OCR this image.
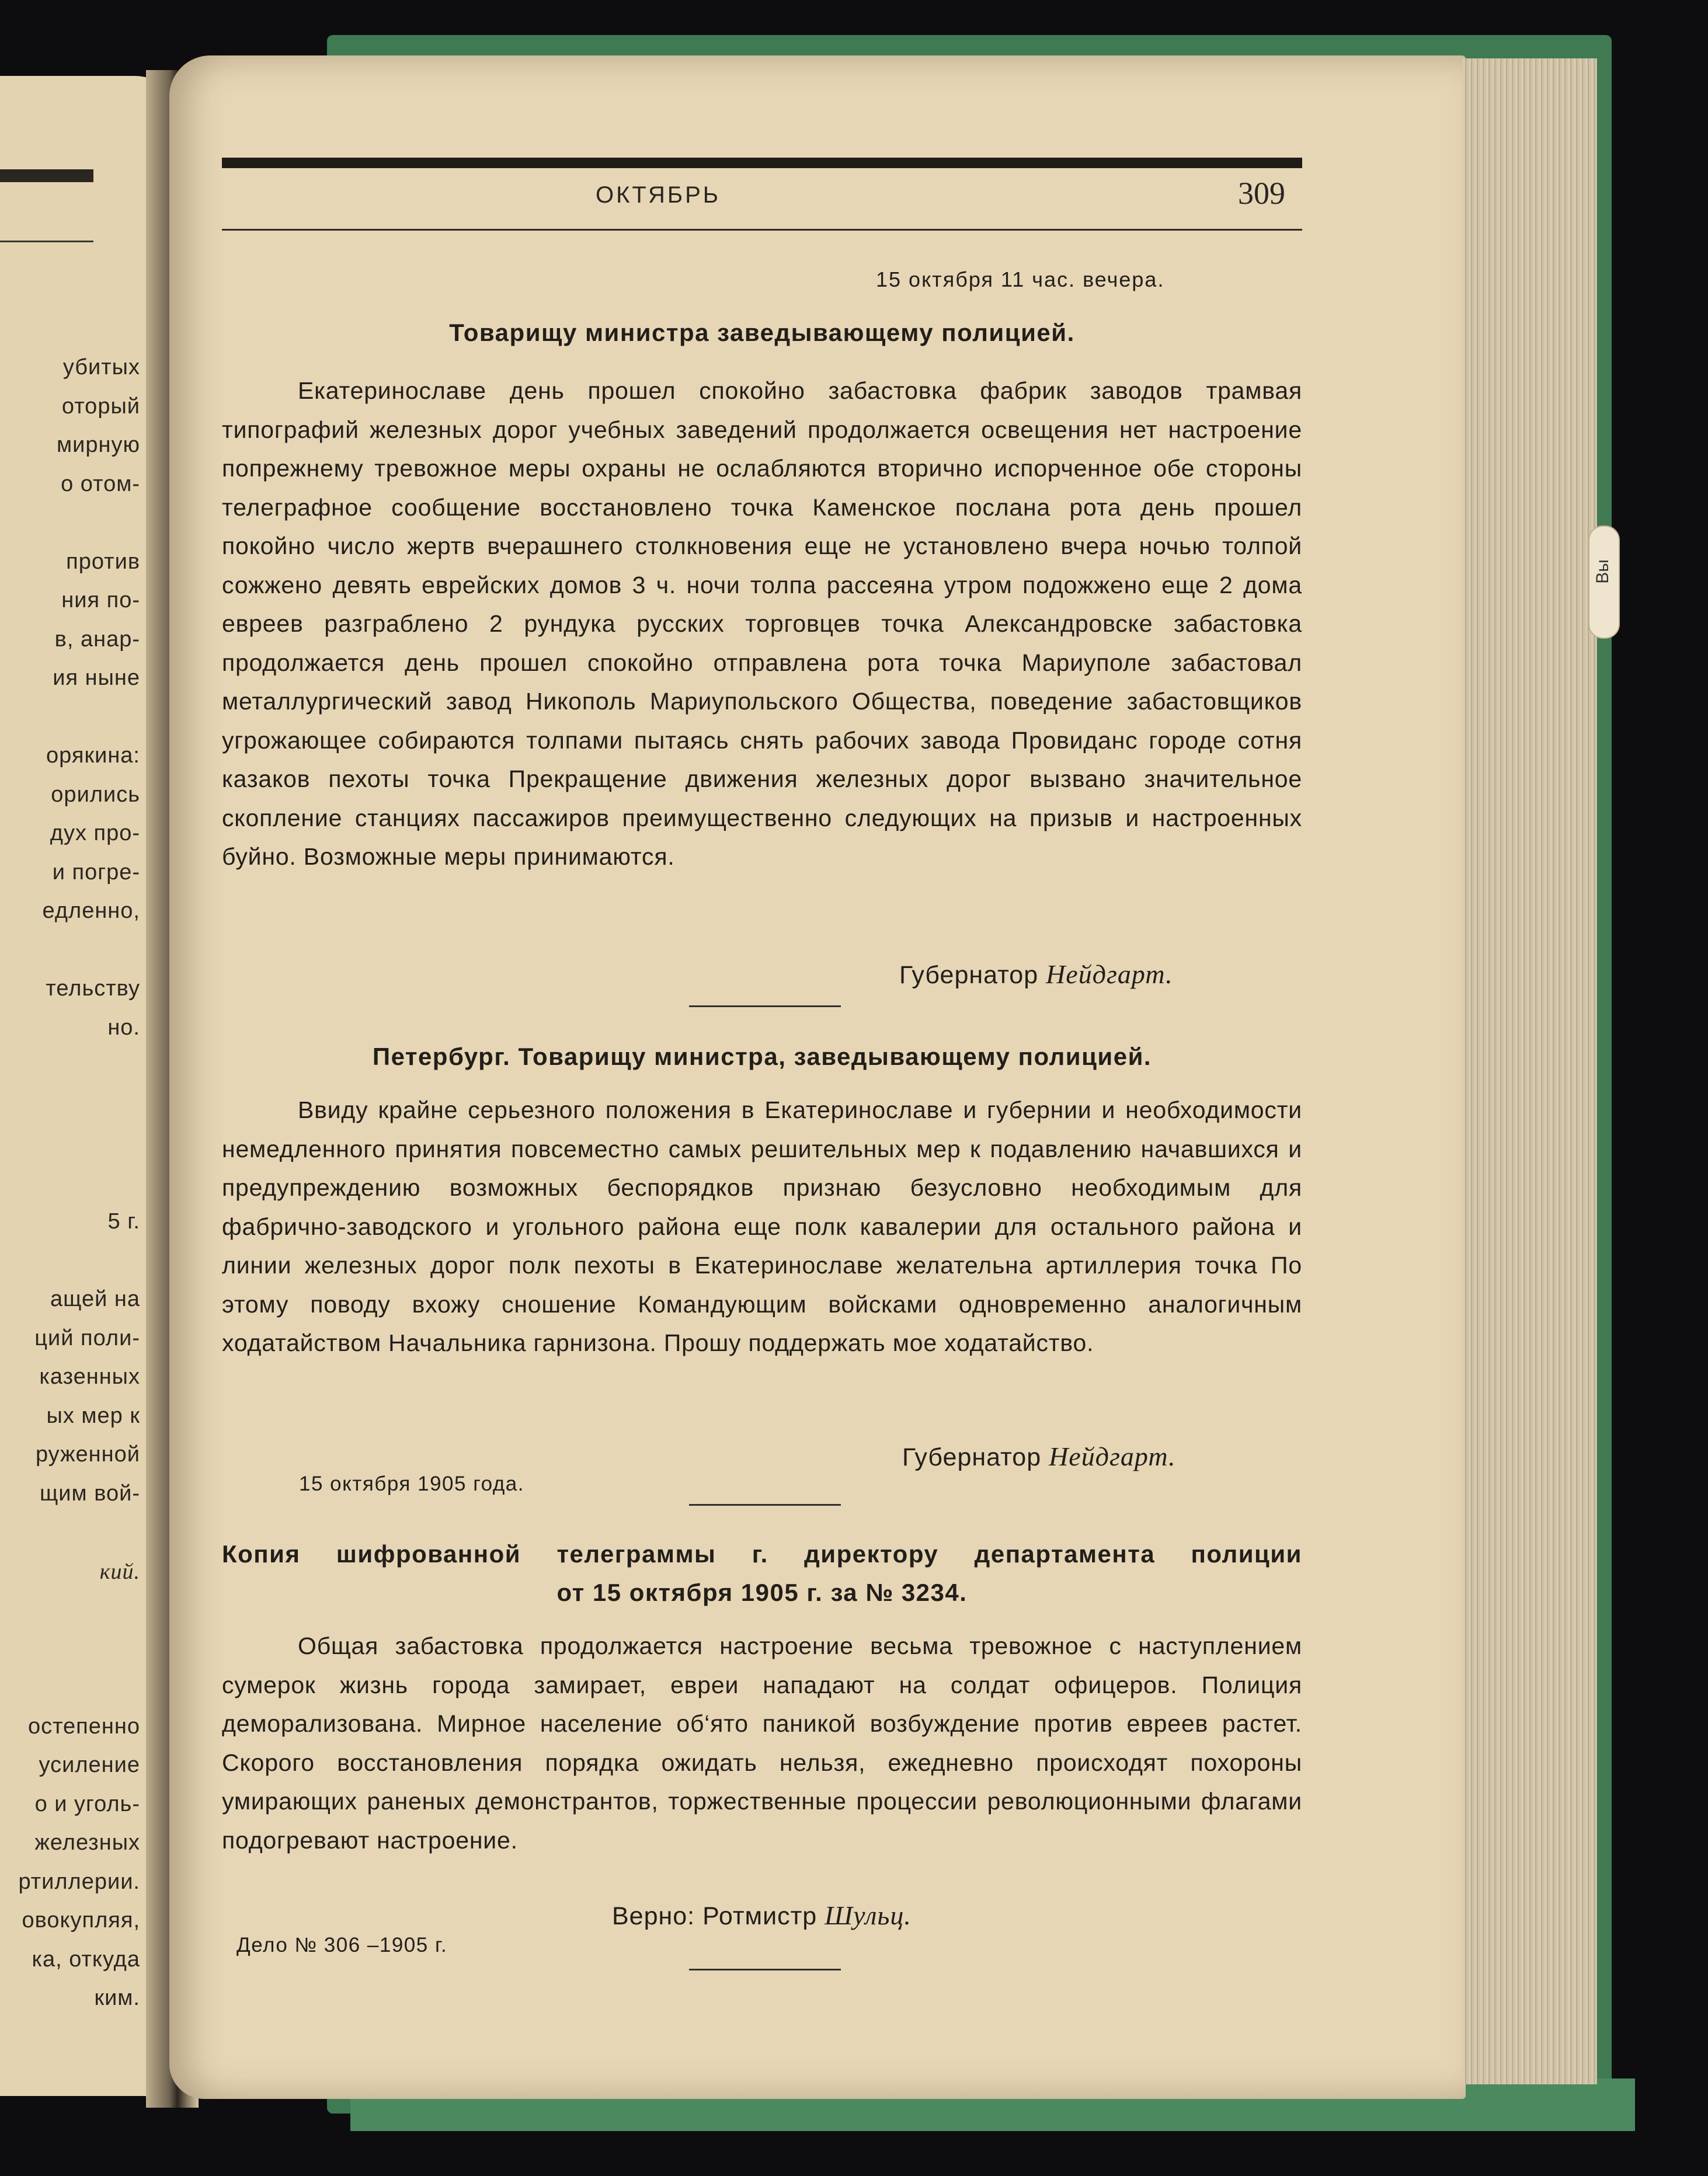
убитых
оторый
мирную
о отом-
против
ния по-
в, анар-
ия ныне
орякина:
орились
дух про-
и погре-
едленно,
тельству
но.
5 г.
ащей на
ций поли-
казенных
ых мер к
руженной
щим вой-
кий.
остепенно
усиление
о и уголь-
железных
ртиллерии.
овокупляя,
ка, откуда
ким.
Вы
ОКТЯБРЬ	309
15 октября 11 час. вечера.
Товарищу министра заведывающему полицией.

Екатеринославе день прошел спокойно забастовка фабрик заводов трамвая типографий железных дорог учебных заведений продолжается освещения нет настроение попрежнему тревожное меры охраны не ослабляются вторично испорченное обе стороны телеграфное сообщение восстановлено точка Каменское послана рота день прошел покойно число жертв вчерашнего столкновения еще не установлено вчера ночью толпой сожжено девять еврейских домов 3 ч. ночи толпа рассеяна утром подожжено еще 2 дома евреев разграблено 2 рундука русских торговцев точка Александровске забастовка продолжается день прошел спокойно отправлена рота точка Мариуполе забастовал металлургический завод Никополь Мариупольского Общества, поведение забастовщиков угрожающее собираются толпами пытаясь снять рабочих завода Провиданс городе сотня казаков пехоты точка Прекращение движения железных дорог вызвано значительное скопление станциях пассажиров преимущественно следующих на призыв и настроенных буйно. Возможные меры принимаются.

Губернатор Нейдгарт.
Петербург. Товарищу министра, заведывающему полицией.

Ввиду крайне серьезного положения в Екатеринославе и губернии и необходимости немедленного принятия повсеместно самых решительных мер к подавлению начавшихся и предупреждению возможных беспорядков признаю безусловно необходимым для фабрично-заводского и угольного района еще полк кавалерии для остального района и линии железных дорог полк пехоты в Екатеринославе желательна артиллерия точка По этому поводу вхожу сношение Командующим войсками одновременно аналогичным ходатайством Начальника гарнизона. Прошу поддержать мое ходатайство.

Губернатор Нейдгарт.
15 октября 1905 года.
Копия шифрованной телеграммы г. директору департамента полиции
от 15 октября 1905 г. за № 3234.

Общая забастовка продолжается настроение весьма тревожное с наступлением сумерок жизнь города замирает, евреи нападают на солдат офицеров. Полиция деморализована. Мирное население об‘ято паникой возбуждение против евреев растет. Скорого восстановления порядка ожидать нельзя, ежедневно происходят похороны умирающих раненых демонстрантов, торжественные процессии революционными флагами подогревают настроение.

Верно: Ротмистр Шульц.
Дело № 306 –1905 г.
